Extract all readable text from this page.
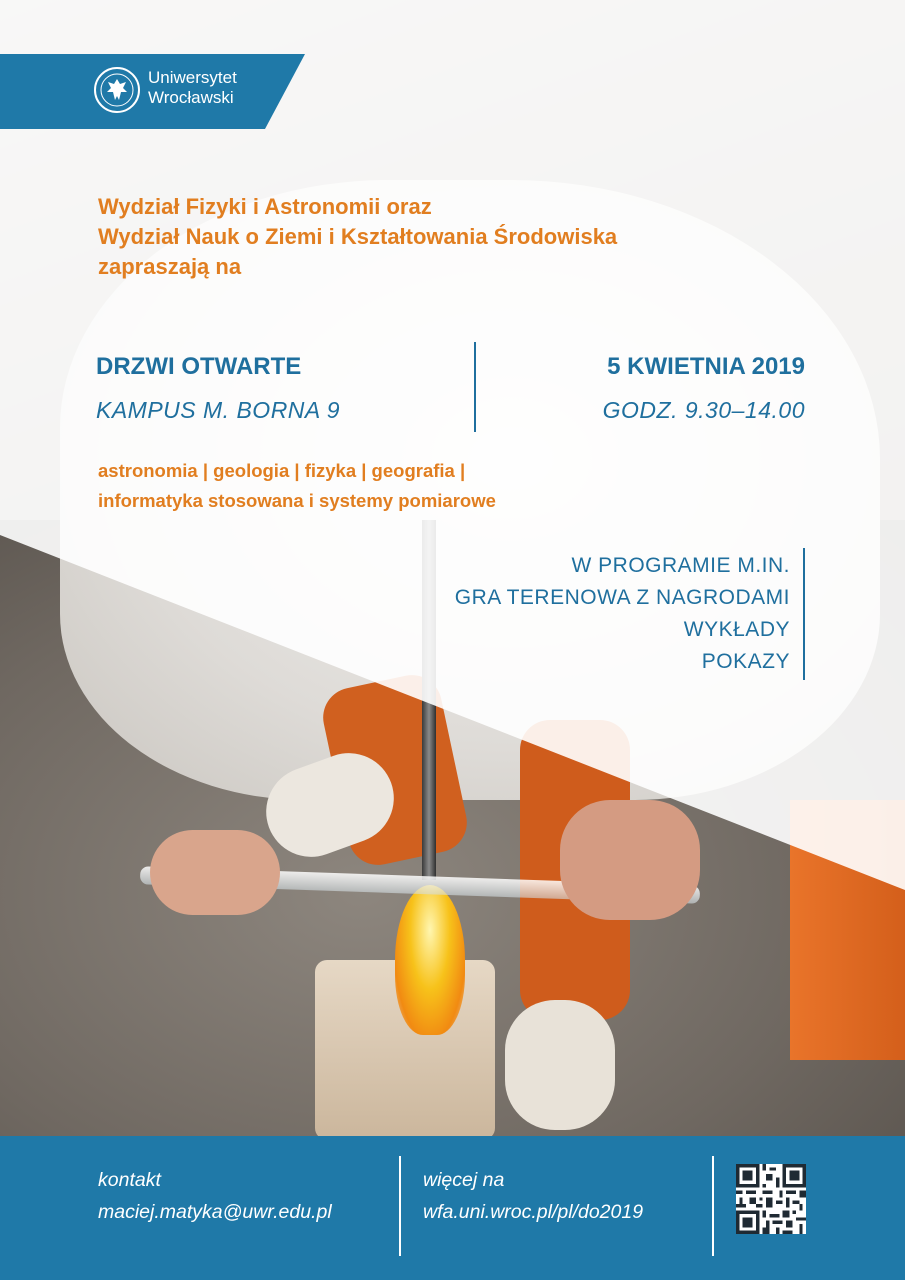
Uniwersytet
Wrocławski
Wydział Fizyki i Astronomii oraz
Wydział Nauk o Ziemi i Kształtowania Środowiska
zapraszają na
DRZWI OTWARTE
KAMPUS M. BORNA 9
5 KWIETNIA 2019
GODZ. 9.30–14.00
astronomia | geologia | fizyka | geografia |
informatyka stosowana i systemy pomiarowe
W PROGRAMIE M.IN.
GRA TERENOWA Z NAGRODAMI
WYKŁADY
POKAZY
kontakt
maciej.matyka@uwr.edu.pl
więcej na
wfa.uni.wroc.pl/pl/do2019
